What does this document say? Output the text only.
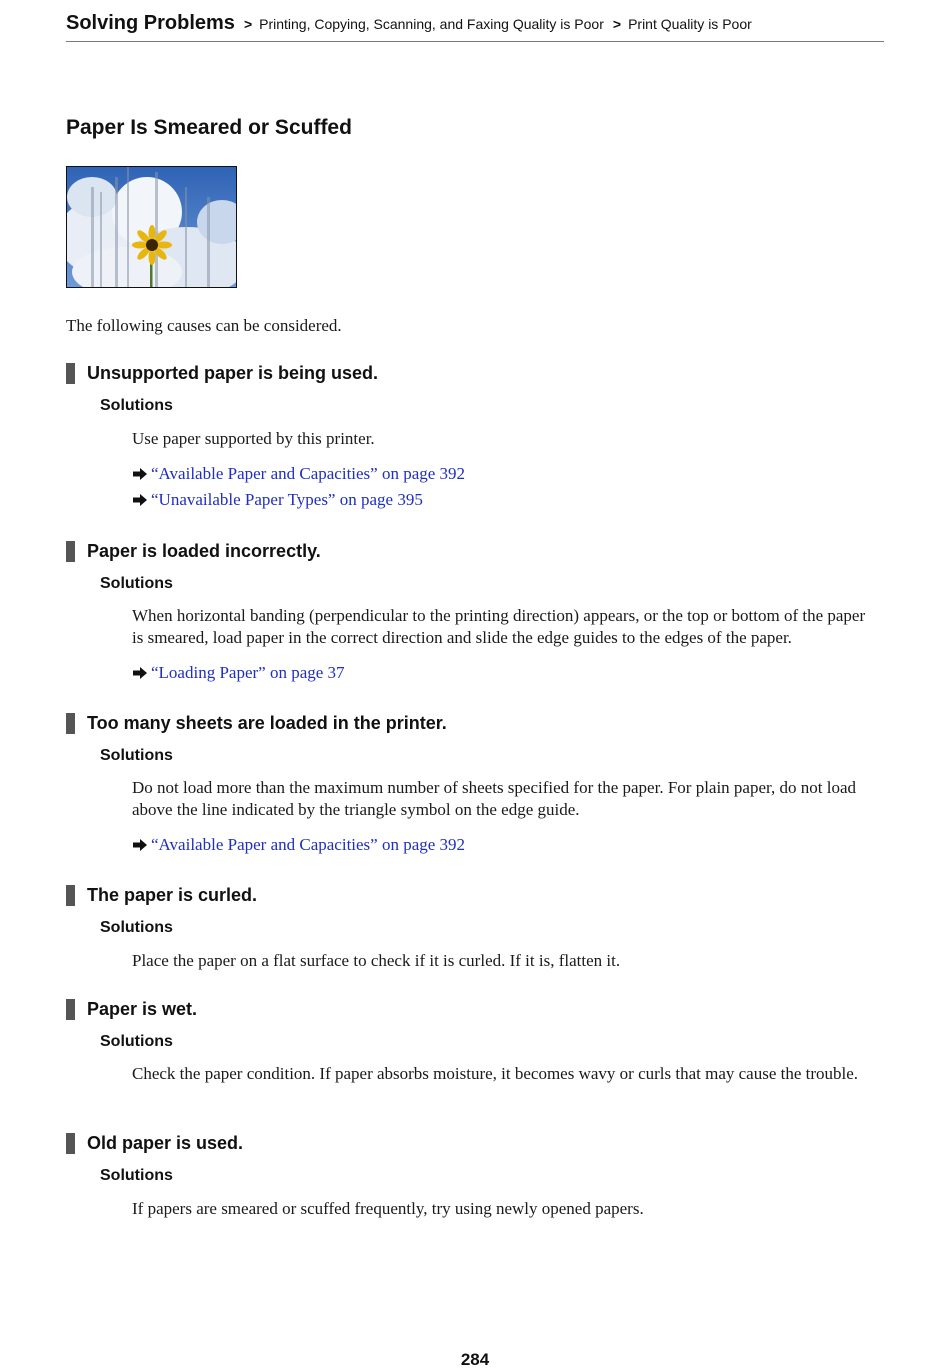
Solving Problems > Printing, Copying, Scanning, and Faxing Quality is Poor > Print Quality is Poor
Paper Is Smeared or Scuffed

The following causes can be considered.

Unsupported paper is being used.

Solutions

Use paper supported by this printer.

“Available Paper and Capacities” on page 392
“Unavailable Paper Types” on page 395
Paper is loaded incorrectly.

Solutions

When horizontal banding (perpendicular to the printing direction) appears, or the top or bottom of the paper is smeared, load paper in the correct direction and slide the edge guides to the edges of the paper.

“Loading Paper” on page 37
Too many sheets are loaded in the printer.

Solutions

Do not load more than the maximum number of sheets specified for the paper. For plain paper, do not load above the line indicated by the triangle symbol on the edge guide.

“Available Paper and Capacities” on page 392
The paper is curled.

Solutions

Place the paper on a flat surface to check if it is curled. If it is, flatten it.

Paper is wet.

Solutions

Check the paper condition. If paper absorbs moisture, it becomes wavy or curls that may cause the trouble.

Old paper is used.

Solutions

If papers are smeared or scuffed frequently, try using newly opened papers.

284
